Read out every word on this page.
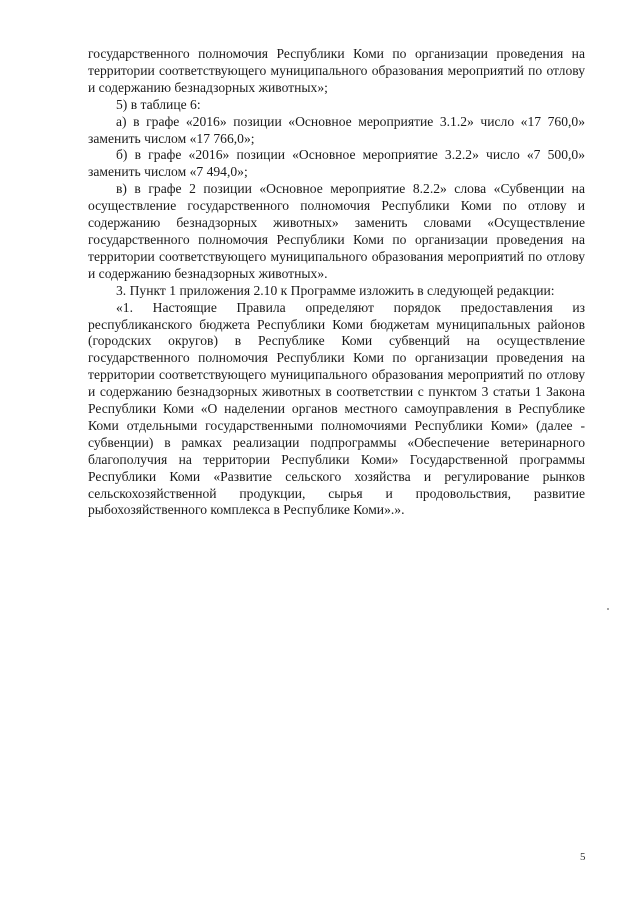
государственного полномочия Республики Коми по организации проведения на территории соответствующего муниципального образования мероприятий по отлову и содержанию безнадзорных животных»;

5) в таблице 6:

а) в графе «2016» позиции «Основное мероприятие 3.1.2» число «17 760,0» заменить числом «17 766,0»;

б) в графе «2016» позиции «Основное мероприятие 3.2.2» число «7 500,0» заменить числом «7 494,0»;

в) в графе 2 позиции «Основное мероприятие 8.2.2» слова «Субвенции на осуществление государственного полномочия Республики Коми по отлову и содержанию безнадзорных животных» заменить словами «Осуществление государственного полномочия Республики Коми по организации проведения на территории соответствующего муниципального образования мероприятий по отлову и содержанию безнадзорных животных».

3. Пункт 1 приложения 2.10 к Программе изложить в следующей редакции:

«1. Настоящие Правила определяют порядок предоставления из республиканского бюджета Республики Коми бюджетам муниципальных районов (городских округов) в Республике Коми субвенций на осуществление государственного полномочия Республики Коми по организации проведения на территории соответствующего муниципального образования мероприятий по отлову и содержанию безнадзорных животных в соответствии с пунктом 3 статьи 1 Закона Республики Коми «О наделении органов местного самоуправления в Республике Коми отдельными государственными полномочиями Республики Коми» (далее - субвенции) в рамках реализации подпрограммы «Обеспечение ветеринарного благополучия на территории Республики Коми» Государственной программы Республики Коми «Развитие сельского хозяйства и регулирование рынков сельскохозяйственной продукции, сырья и продовольствия, развитие рыбохозяйственного комплекса в Республике Коми».».

5
